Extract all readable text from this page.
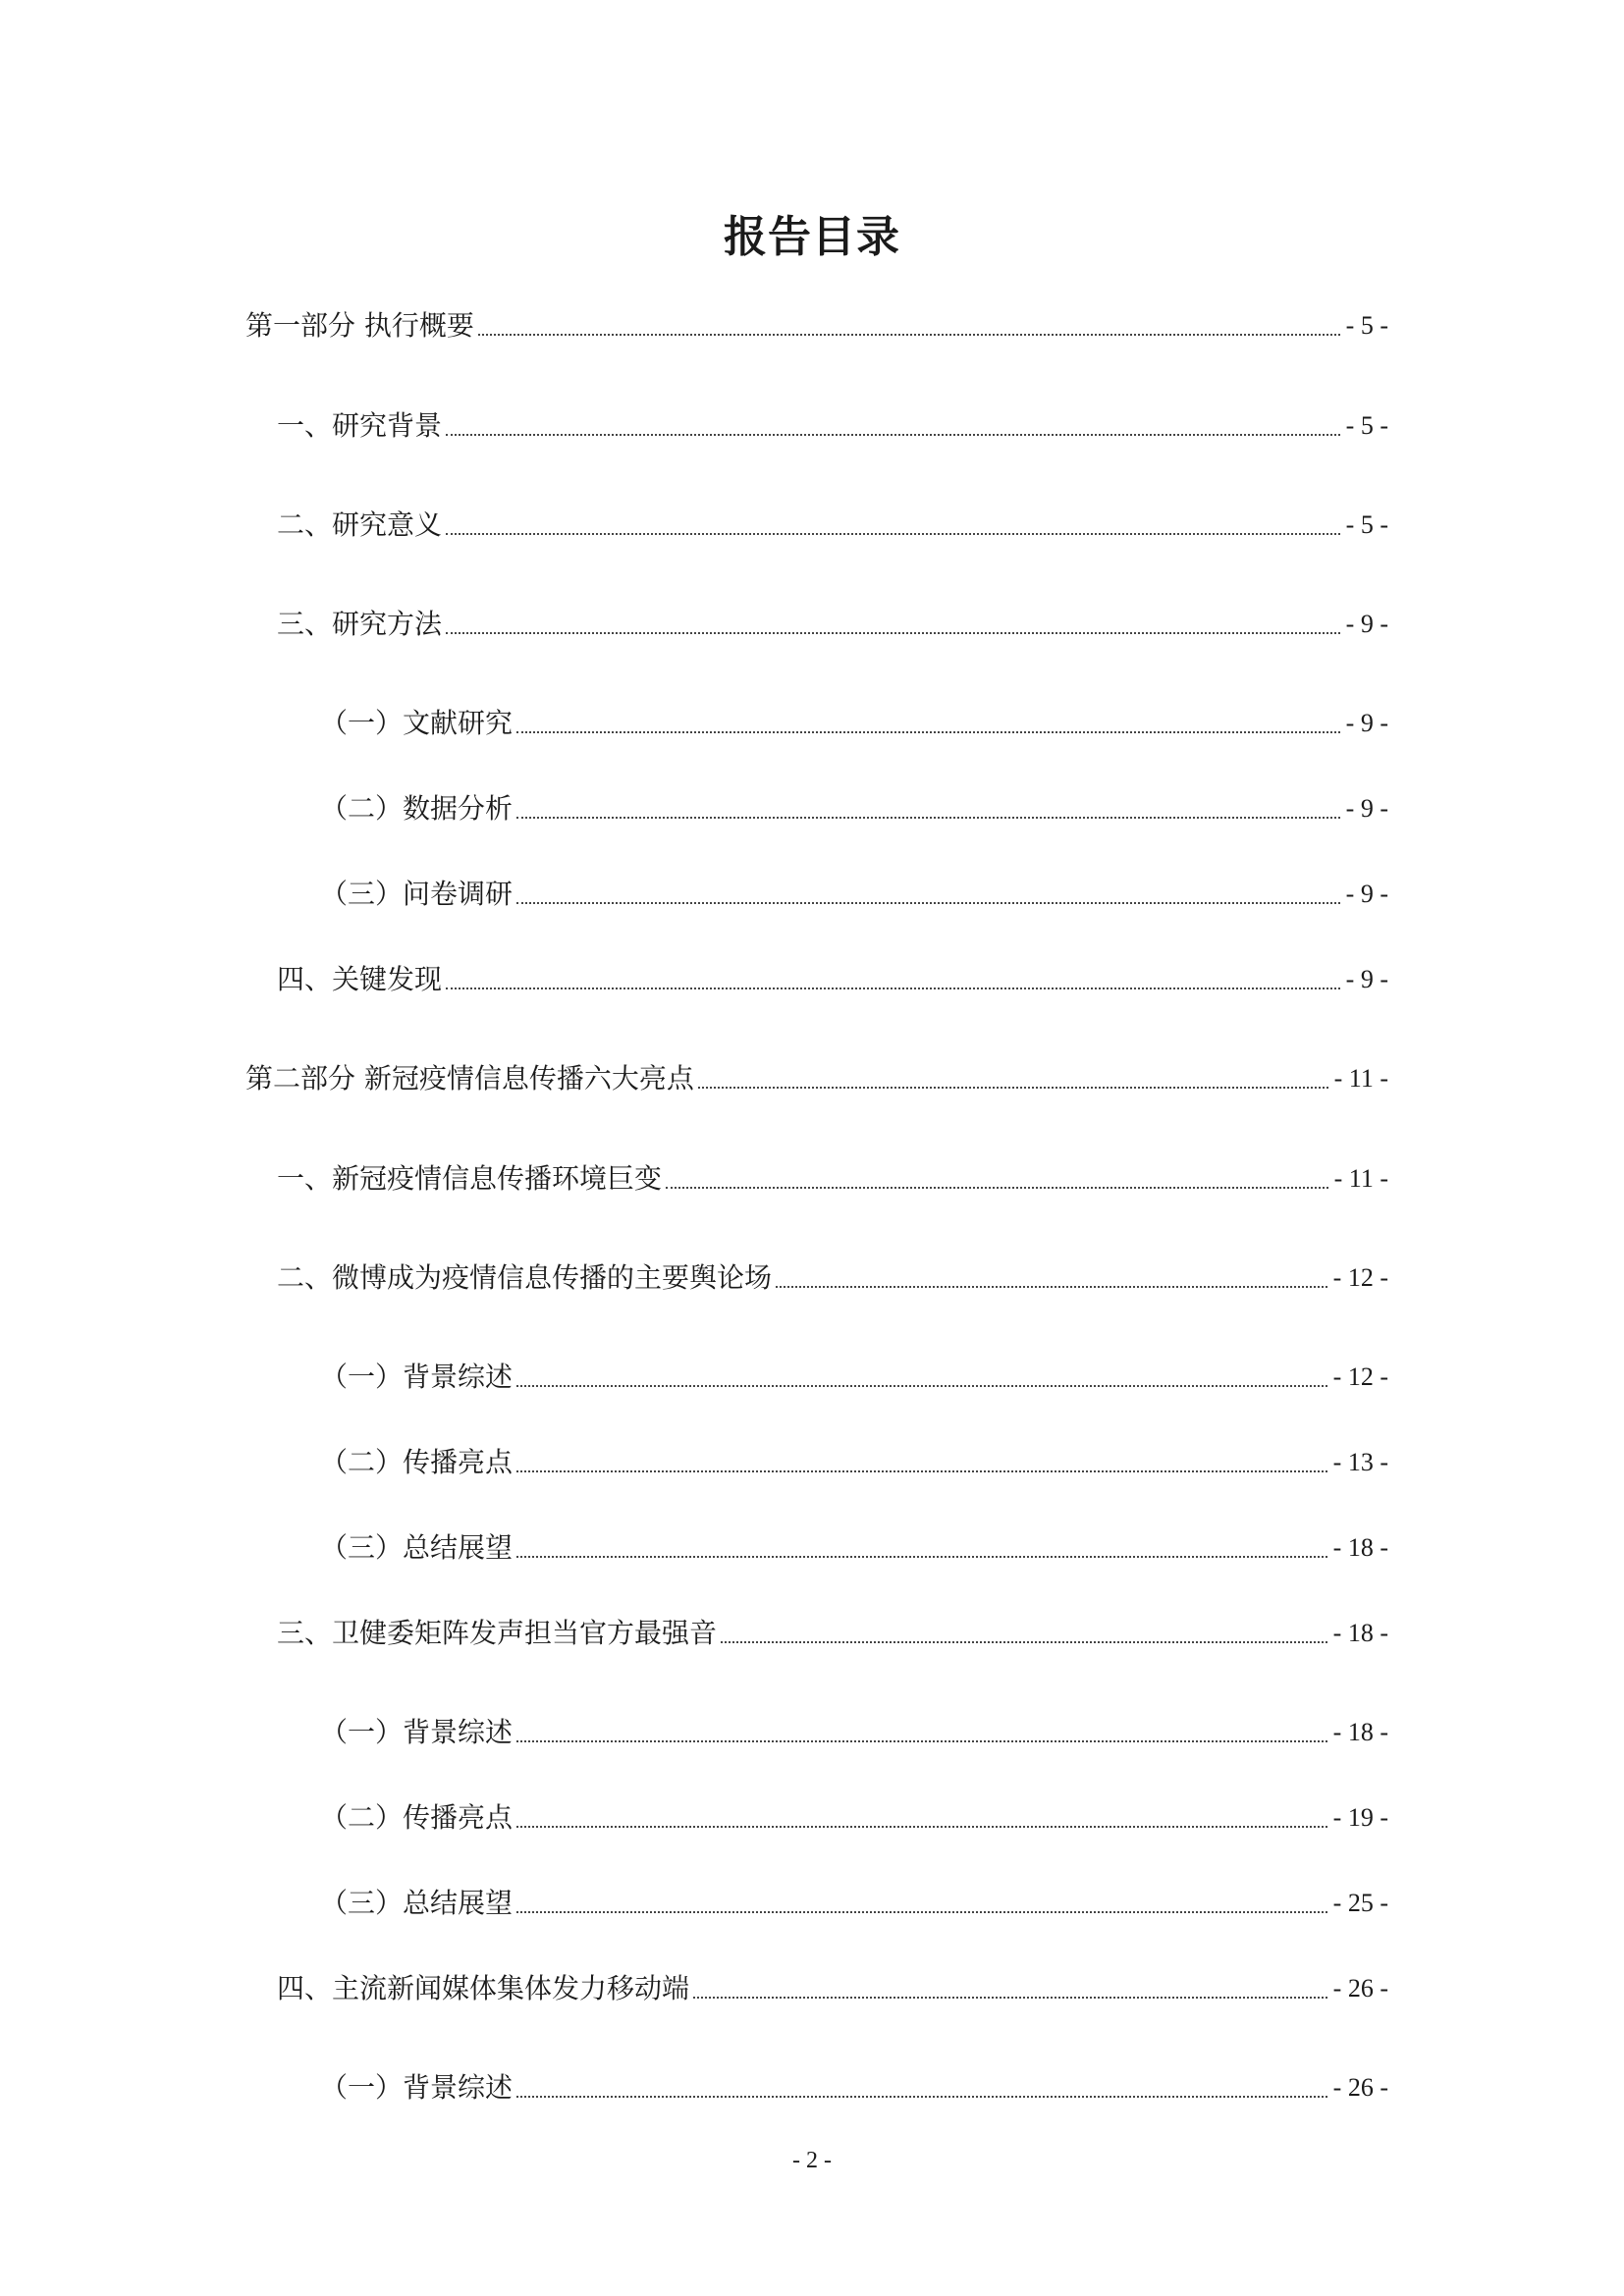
报告目录
第一部分 执行概要	- 5 -
一、研究背景	- 5 -
二、研究意义	- 5 -
三、研究方法	- 9 -
（一）文献研究	- 9 -
（二）数据分析	- 9 -
（三）问卷调研	- 9 -
四、关键发现	- 9 -
第二部分 新冠疫情信息传播六大亮点	- 11 -
一、新冠疫情信息传播环境巨变	- 11 -
二、微博成为疫情信息传播的主要舆论场	- 12 -
（一）背景综述	- 12 -
（二）传播亮点	- 13 -
（三）总结展望	- 18 -
三、卫健委矩阵发声担当官方最强音	- 18 -
（一）背景综述	- 18 -
（二）传播亮点	- 19 -
（三）总结展望	- 25 -
四、主流新闻媒体集体发力移动端	- 26 -
（一）背景综述	- 26 -
- 2 -
